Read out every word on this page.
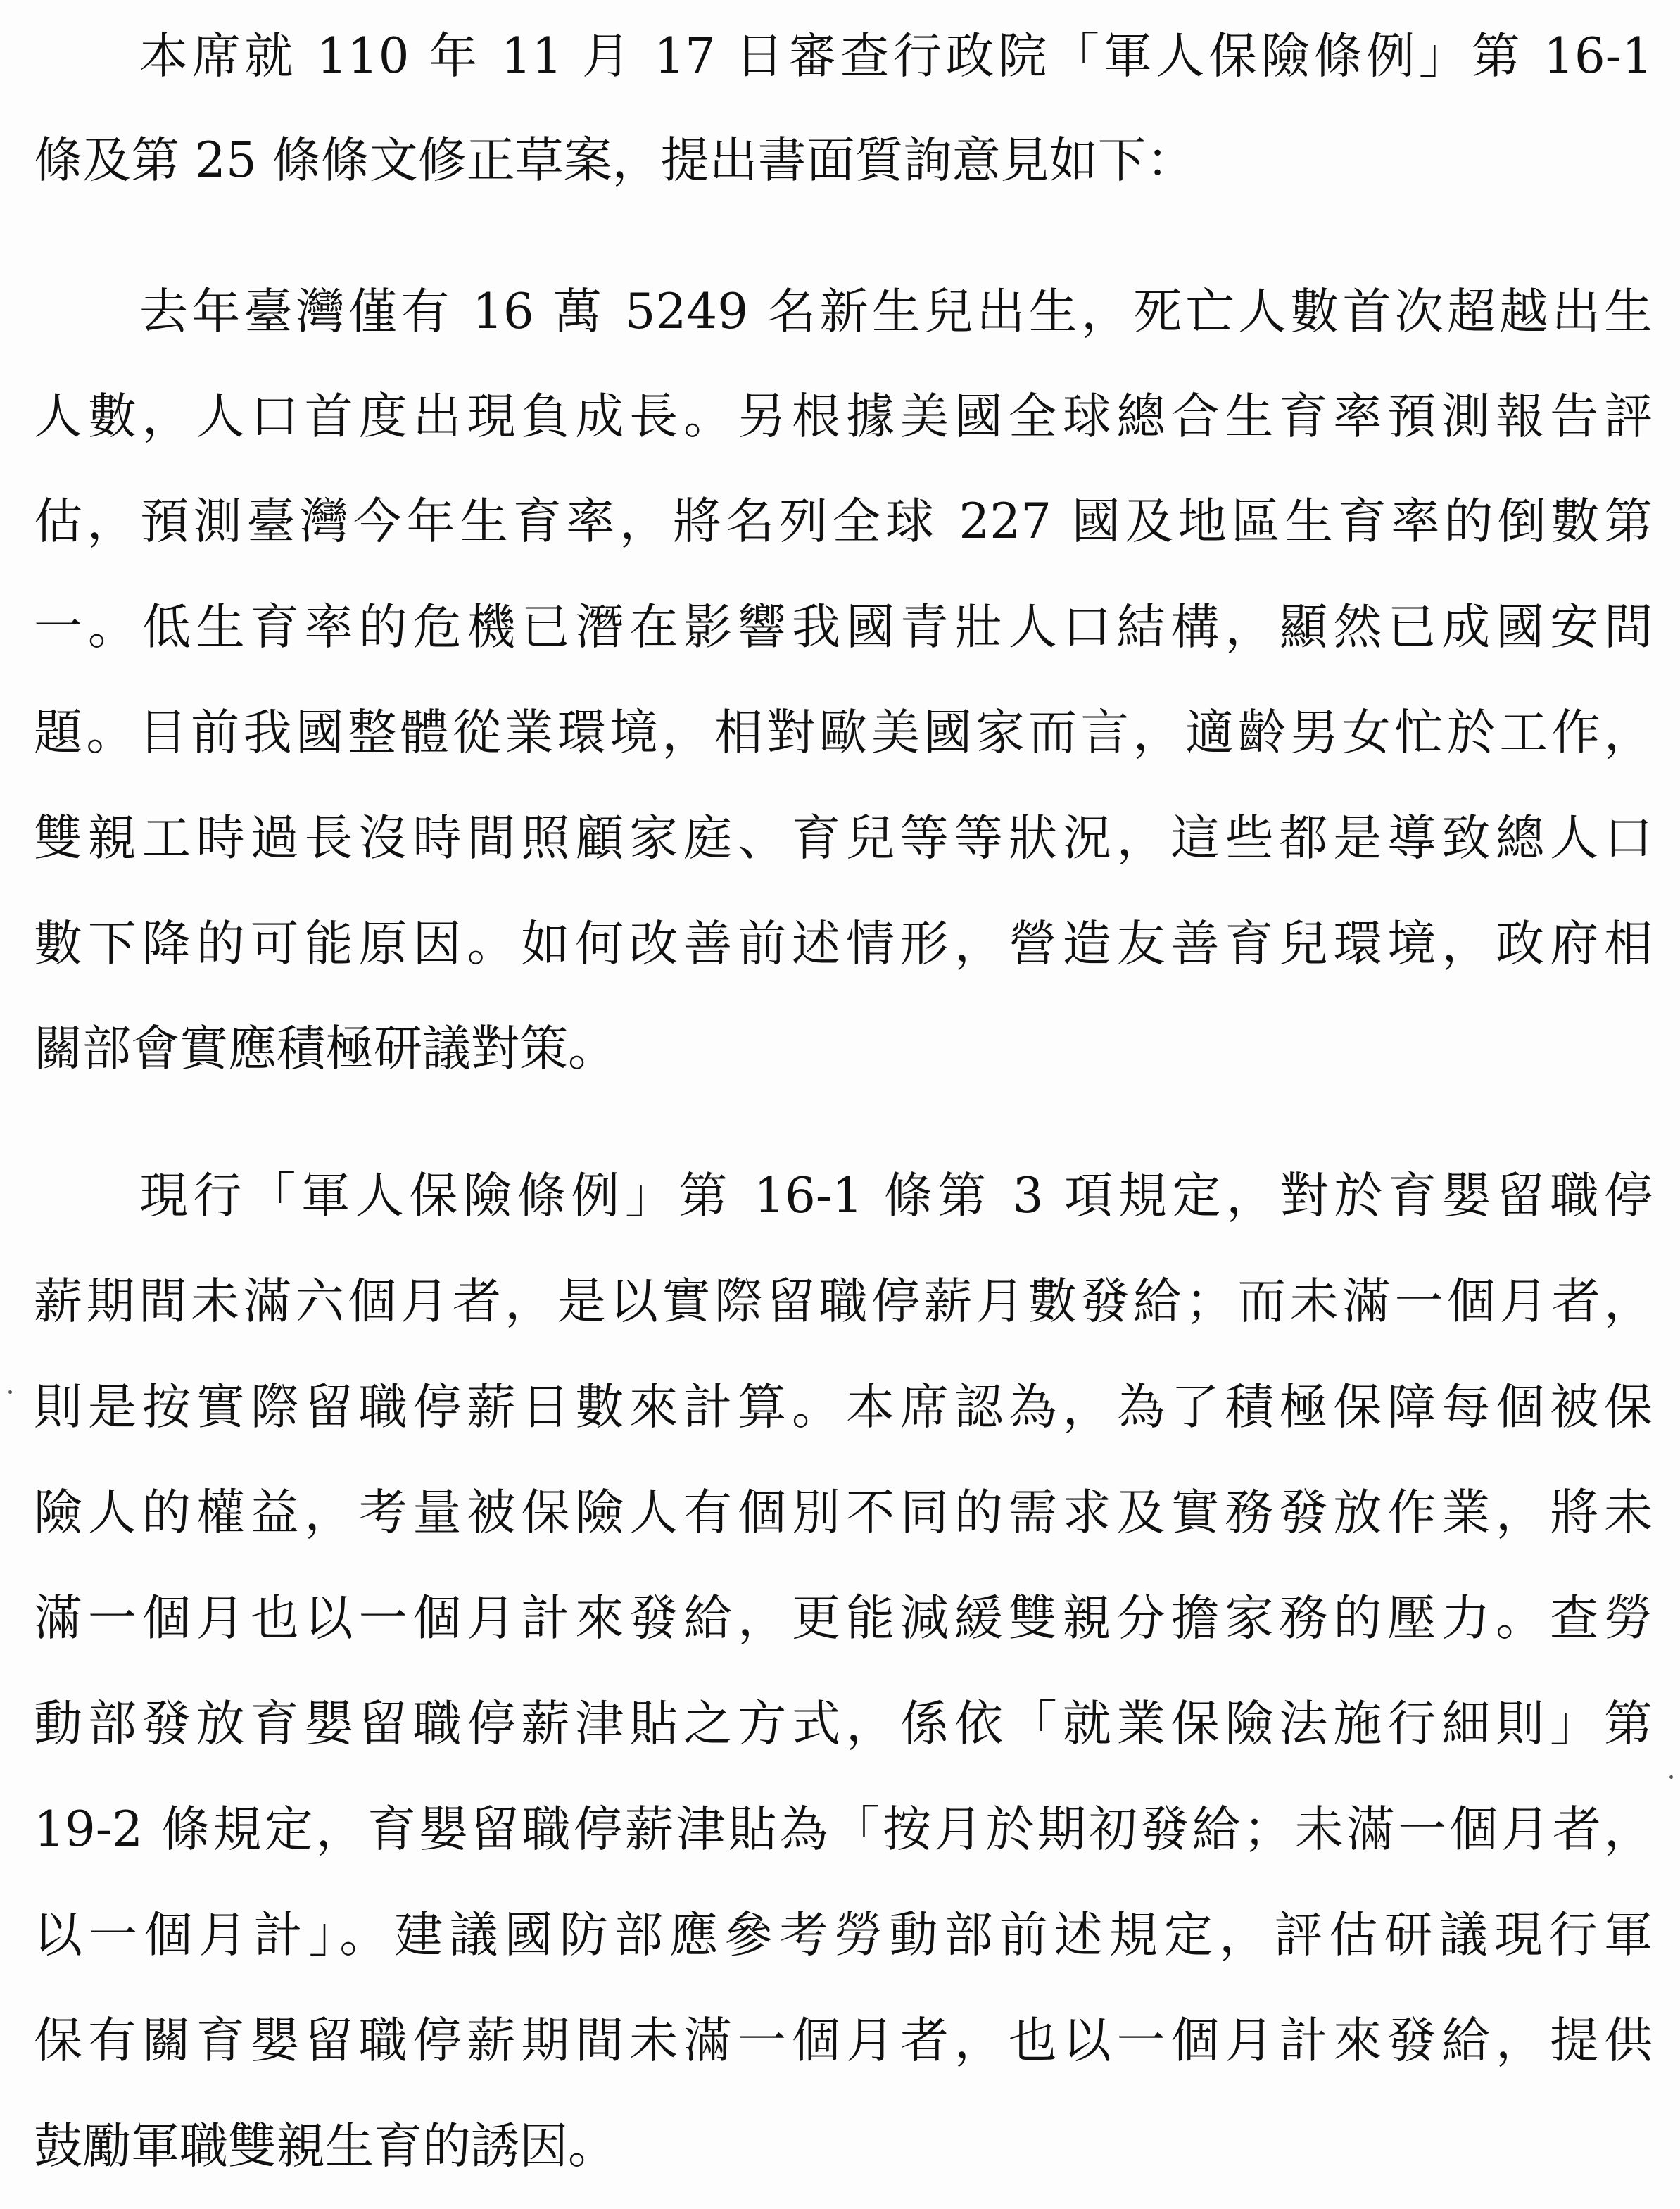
本席就 110 年 11 月 17 日審查行政院「軍人保險條例」第 16-1
條及第 25 條條文修正草案，提出書面質詢意見如下：
去年臺灣僅有 16 萬 5249 名新生兒出生，死亡人數首次超越出生
人數，人口首度出現負成長。另根據美國全球總合生育率預測報告評
估，預測臺灣今年生育率，將名列全球 227 國及地區生育率的倒數第
一。低生育率的危機已潛在影響我國青壯人口結構，顯然已成國安問
題。目前我國整體從業環境，相對歐美國家而言，適齡男女忙於工作，
雙親工時過長沒時間照顧家庭、育兒等等狀況，這些都是導致總人口
數下降的可能原因。如何改善前述情形，營造友善育兒環境，政府相
關部會實應積極研議對策。
現行「軍人保險條例」第 16-1 條第 3 項規定，對於育嬰留職停
薪期間未滿六個月者，是以實際留職停薪月數發給；而未滿一個月者，
則是按實際留職停薪日數來計算。本席認為，為了積極保障每個被保
險人的權益，考量被保險人有個別不同的需求及實務發放作業，將未
滿一個月也以一個月計來發給，更能減緩雙親分擔家務的壓力。查勞
動部發放育嬰留職停薪津貼之方式，係依「就業保險法施行細則」第
19-2 條規定，育嬰留職停薪津貼為「按月於期初發給；未滿一個月者，
以一個月計」。建議國防部應參考勞動部前述規定，評估研議現行軍
保有關育嬰留職停薪期間未滿一個月者，也以一個月計來發給，提供
鼓勵軍職雙親生育的誘因。
